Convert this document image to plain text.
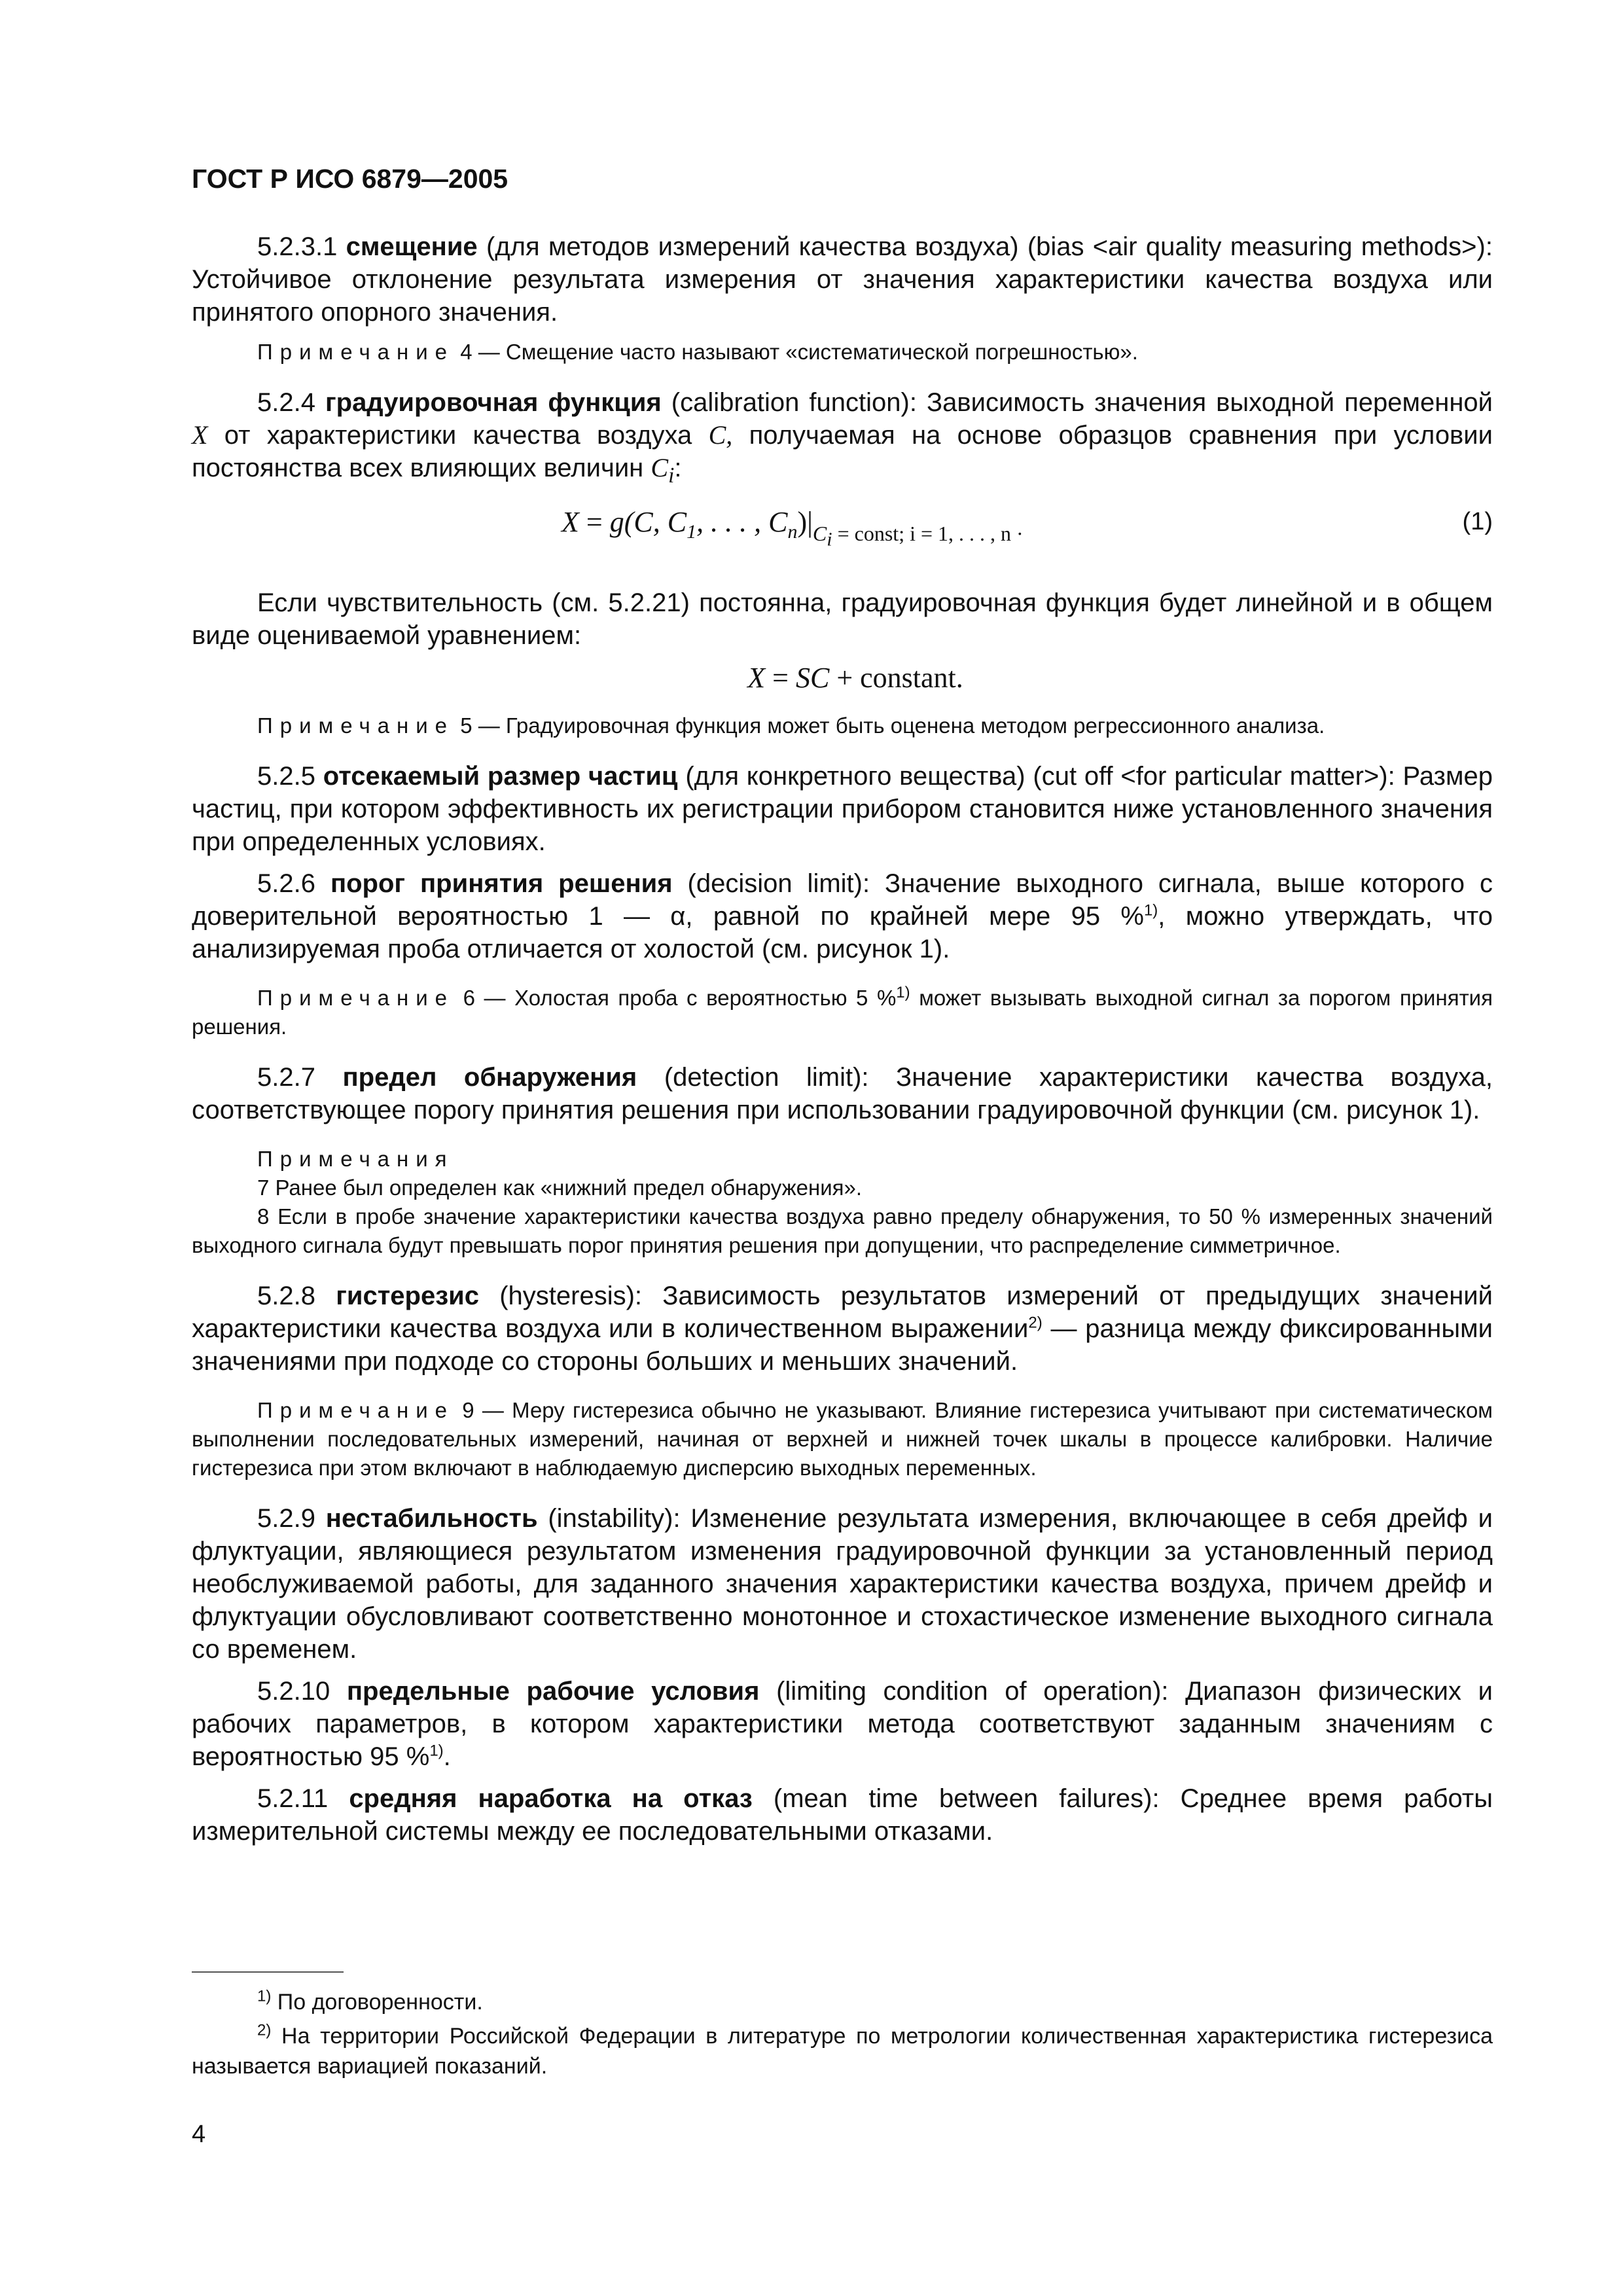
ГОСТ Р ИСО 6879—2005

5.2.3.1 смещение (для методов измерений качества воздуха) (bias <air quality measuring methods>): Устойчивое отклонение результата измерения от значения характеристики качества воздуха или принятого опорного значения.

Примечание 4 — Смещение часто называют «систематической погрешностью».

5.2.4 градуировочная функция (calibration function): Зависимость значения выходной переменной X от характеристики качества воздуха C, получаемая на основе образцов сравнения при условии постоянства всех влияющих величин $C_i$:

X = g(C, $C_1$, . . . , $C_n)|_{C_i = const; i = 1, . . . , n \cdot}$	(1)

Если чувствительность (см. 5.2.21) постоянна, градуировочная функция будет линейной и в общем виде оцениваемой уравнением:

X = SC + constant.

Примечание 5 — Градуировочная функция может быть оценена методом регрессионного анализа.

5.2.5 отсекаемый размер частиц (для конкретного вещества) (cut off <for particular matter>): Размер частиц, при котором эффективность их регистрации прибором становится ниже установленного значения при определенных условиях.

5.2.6 порог принятия решения (decision limit): Значение выходного сигнала, выше которого с доверительной вероятностью 1 — α, равной по крайней мере 95 %$^{1)}$, можно утверждать, что анализируемая проба отличается от холостой (см. рисунок 1).

Примечание 6 — Холостая проба с вероятностью 5 %$^{1)}$ может вызывать выходной сигнал за порогом принятия решения.

5.2.7 предел обнаружения (detection limit): Значение характеристики качества воздуха, соответствующее порогу принятия решения при использовании градуировочной функции (см. рисунок 1).

Примечания

7 Ранее был определен как «нижний предел обнаружения».

8 Если в пробе значение характеристики качества воздуха равно пределу обнаружения, то 50 % измеренных значений выходного сигнала будут превышать порог принятия решения при допущении, что распределение симметричное.

5.2.8 гистерезис (hysteresis): Зависимость результатов измерений от предыдущих значений характеристики качества воздуха или в количественном выражении$^{2)}$ — разница между фиксированными значениями при подходе со стороны больших и меньших значений.

Примечание 9 — Меру гистерезиса обычно не указывают. Влияние гистерезиса учитывают при систематическом выполнении последовательных измерений, начиная от верхней и нижней точек шкалы в процессе калибровки. Наличие гистерезиса при этом включают в наблюдаемую дисперсию выходных переменных.

5.2.9 нестабильность (instability): Изменение результата измерения, включающее в себя дрейф и флуктуации, являющиеся результатом изменения градуировочной функции за установленный период необслуживаемой работы, для заданного значения характеристики качества воздуха, причем дрейф и флуктуации обусловливают соответственно монотонное и стохастическое изменение выходного сигнала со временем.

5.2.10 предельные рабочие условия (limiting condition of operation): Диапазон физических и рабочих параметров, в котором характеристики метода соответствуют заданным значениям с вероятностью 95 %$^{1)}$.

5.2.11 средняя наработка на отказ (mean time between failures): Среднее время работы измерительной системы между ее последовательными отказами.

$^{1)}$ По договоренности.

$^{2)}$ На территории Российской Федерации в литературе по метрологии количественная характеристика гистерезиса называется вариацией показаний.

4
